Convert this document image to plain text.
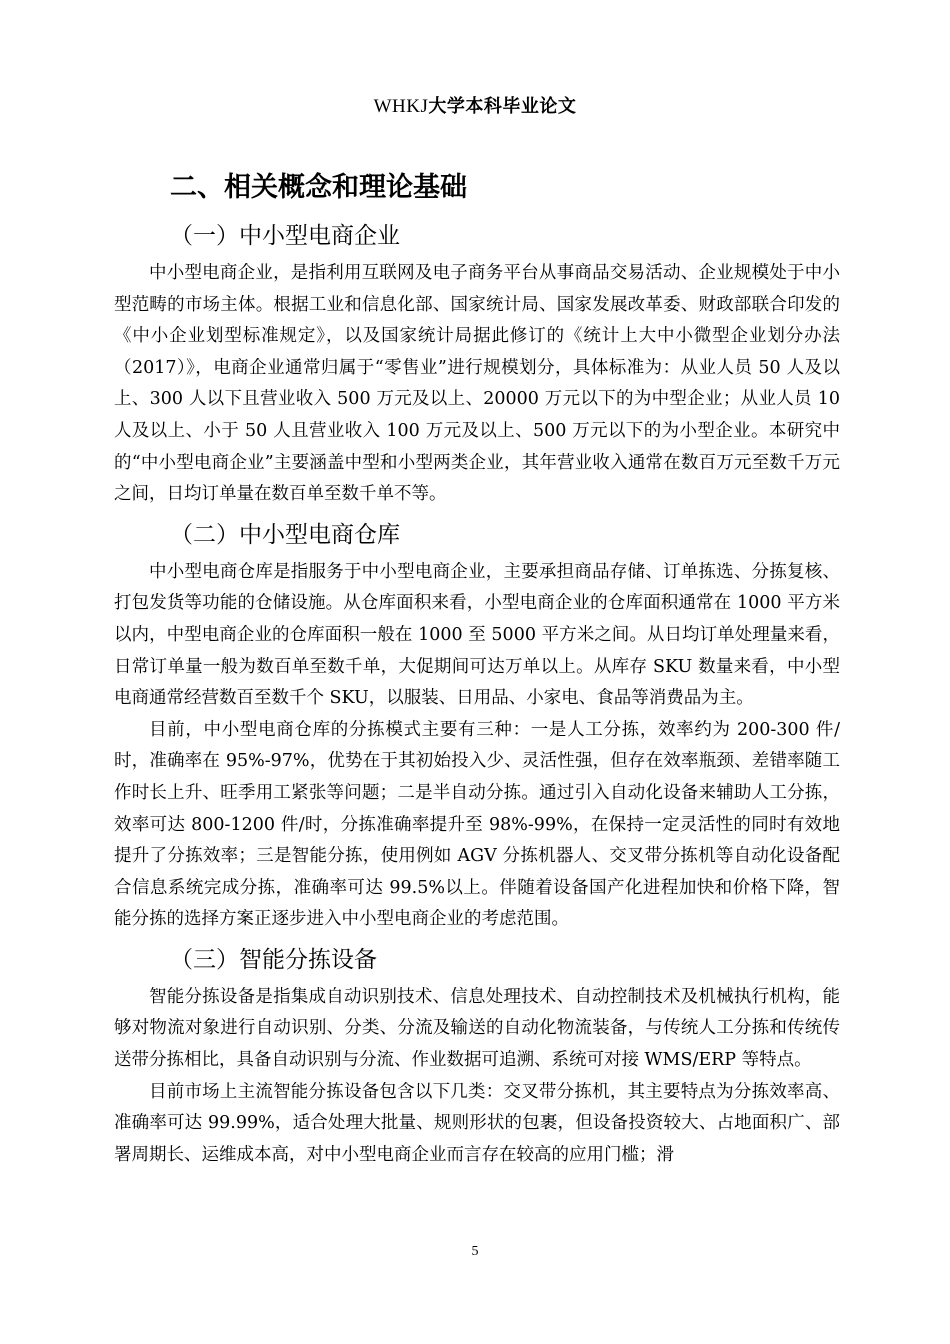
WHKJ大学本科毕业论文
二、相关概念和理论基础
（一）中小型电商企业

中小型电商企业，是指利用互联网及电子商务平台从事商品交易活动、企业规模处于中小型范畴的市场主体。根据工业和信息化部、国家统计局、国家发展改革委、财政部联合印发的《中小企业划型标准规定》，以及国家统计局据此修订的《统计上大中小微型企业划分办法（2017）》，电商企业通常归属于“零售业”进行规模划分，具体标准为：从业人员 50 人及以上、300 人以下且营业收入 500 万元及以上、20000 万元以下的为中型企业；从业人员 10 人及以上、小于 50 人且营业收入 100 万元及以上、500 万元以下的为小型企业。本研究中的“中小型电商企业”主要涵盖中型和小型两类企业，其年营业收入通常在数百万元至数千万元之间，日均订单量在数百单至数千单不等。

（二）中小型电商仓库

中小型电商仓库是指服务于中小型电商企业，主要承担商品存储、订单拣选、分拣复核、打包发货等功能的仓储设施。从仓库面积来看，小型电商企业的仓库面积通常在 1000 平方米以内，中型电商企业的仓库面积一般在 1000 至 5000 平方米之间。从日均订单处理量来看，日常订单量一般为数百单至数千单，大促期间可达万单以上。从库存 SKU 数量来看，中小型电商通常经营数百至数千个 SKU，以服装、日用品、小家电、食品等消费品为主。

目前，中小型电商仓库的分拣模式主要有三种：一是人工分拣，效率约为 200-300 件/时，准确率在 95%-97%，优势在于其初始投入少、灵活性强，但存在效率瓶颈、差错率随工作时长上升、旺季用工紧张等问题；二是半自动分拣。通过引入自动化设备来辅助人工分拣，效率可达 800-1200 件/时，分拣准确率提升至 98%-99%，在保持一定灵活性的同时有效地提升了分拣效率；三是智能分拣，使用例如 AGV 分拣机器人、交叉带分拣机等自动化设备配合信息系统完成分拣，准确率可达 99.5%以上。伴随着设备国产化进程加快和价格下降，智能分拣的选择方案正逐步进入中小型电商企业的考虑范围。

（三）智能分拣设备

智能分拣设备是指集成自动识别技术、信息处理技术、自动控制技术及机械执行机构，能够对物流对象进行自动识别、分类、分流及输送的自动化物流装备，与传统人工分拣和传统传送带分拣相比，具备自动识别与分流、作业数据可追溯、系统可对接 WMS/ERP 等特点。

目前市场上主流智能分拣设备包含以下几类：交叉带分拣机，其主要特点为分拣效率高、准确率可达 99.99%，适合处理大批量、规则形状的包裹，但设备投资较大、占地面积广、部署周期长、运维成本高，对中小型电商企业而言存在较高的应用门槛；滑

5
